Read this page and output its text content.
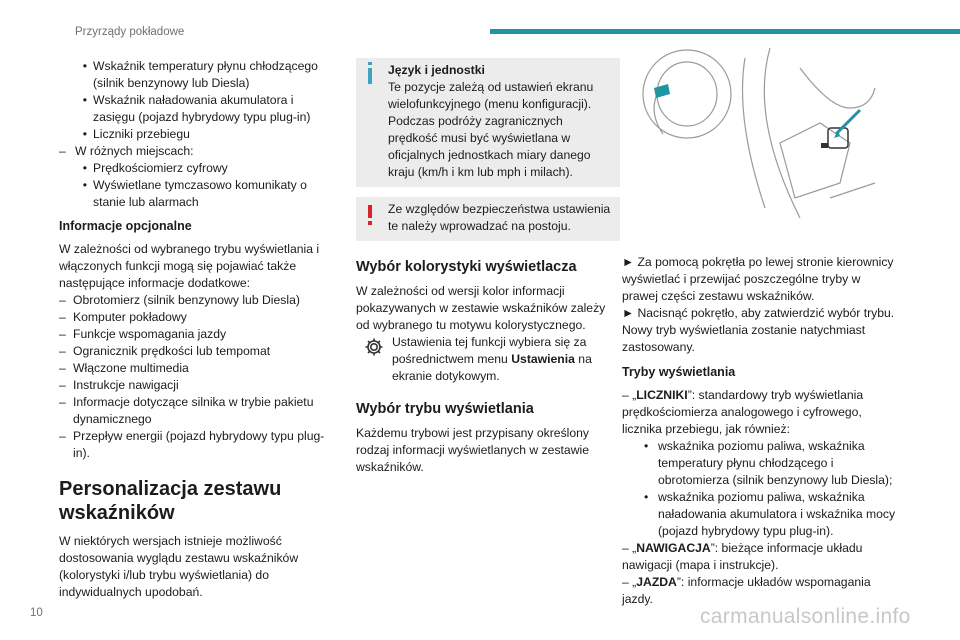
Przyrządy pokładowe
• Wskaźnik temperatury płynu chłodzącego (silnik benzynowy lub Diesla)
• Wskaźnik naładowania akumulatora i zasięgu (pojazd hybrydowy typu plug-in)
• Liczniki przebiegu
– W różnych miejscach:
• Prędkościomierz cyfrowy
• Wyświetlane tymczasowo komunikaty o stanie lub alarmach
Informacje opcjonalne
W zależności od wybranego trybu wyświetlania i włączonych funkcji mogą się pojawiać także następujące informacje dodatkowe:
– Obrotomierz (silnik benzynowy lub Diesla)
– Komputer pokładowy
– Funkcje wspomagania jazdy
– Ogranicznik prędkości lub tempomat
– Włączone multimedia
– Instrukcje nawigacji
– Informacje dotyczące silnika w trybie pakietu dynamicznego
– Przepływ energii (pojazd hybrydowy typu plug-in).
Personalizacja zestawu wskaźników
W niektórych wersjach istnieje możliwość dostosowania wyglądu zestawu wskaźników (kolorystyki i/lub trybu wyświetlania) do indywidualnych upodobań.
Język i jednostki
Te pozycje zależą od ustawień ekranu wielofunkcyjnego (menu konfiguracji). Podczas podróży zagranicznych prędkość musi być wyświetlana w oficjalnych jednostkach miary danego kraju (km/h i km lub mph i milach).
Ze względów bezpieczeństwa ustawienia te należy wprowadzać na postoju.
Wybór kolorystyki wyświetlacza
W zależności od wersji kolor informacji pokazywanych w zestawie wskaźników zależy od wybranego tu motywu kolorystycznego.
Ustawienia tej funkcji wybiera się za pośrednictwem menu Ustawienia na ekranie dotykowym.
Wybór trybu wyświetlania
Każdemu trybowi jest przypisany określony rodzaj informacji wyświetlanych w zestawie wskaźników.
► Za pomocą pokrętła po lewej stronie kierownicy wyświetlać i przewijać poszczególne tryby w prawej części zestawu wskaźników.
► Nacisnąć pokrętło, aby zatwierdzić wybór trybu.
Nowy tryb wyświetlania zostanie natychmiast zastosowany.
Tryby wyświetlania
– „LICZNIKI”: standardowy tryb wyświetlania prędkościomierza analogowego i cyfrowego, licznika przebiegu, jak również:
• wskaźnika poziomu paliwa, wskaźnika temperatury płynu chłodzącego i obrotomierza (silnik benzynowy lub Diesla);
• wskaźnika poziomu paliwa, wskaźnika naładowania akumulatora i wskaźnika mocy (pojazd hybrydowy typu plug-in).
– „NAWIGACJA”: bieżące informacje układu nawigacji (mapa i instrukcje).
– „JAZDA”: informacje układów wspomagania jazdy.
10	carmanualsonline.info
